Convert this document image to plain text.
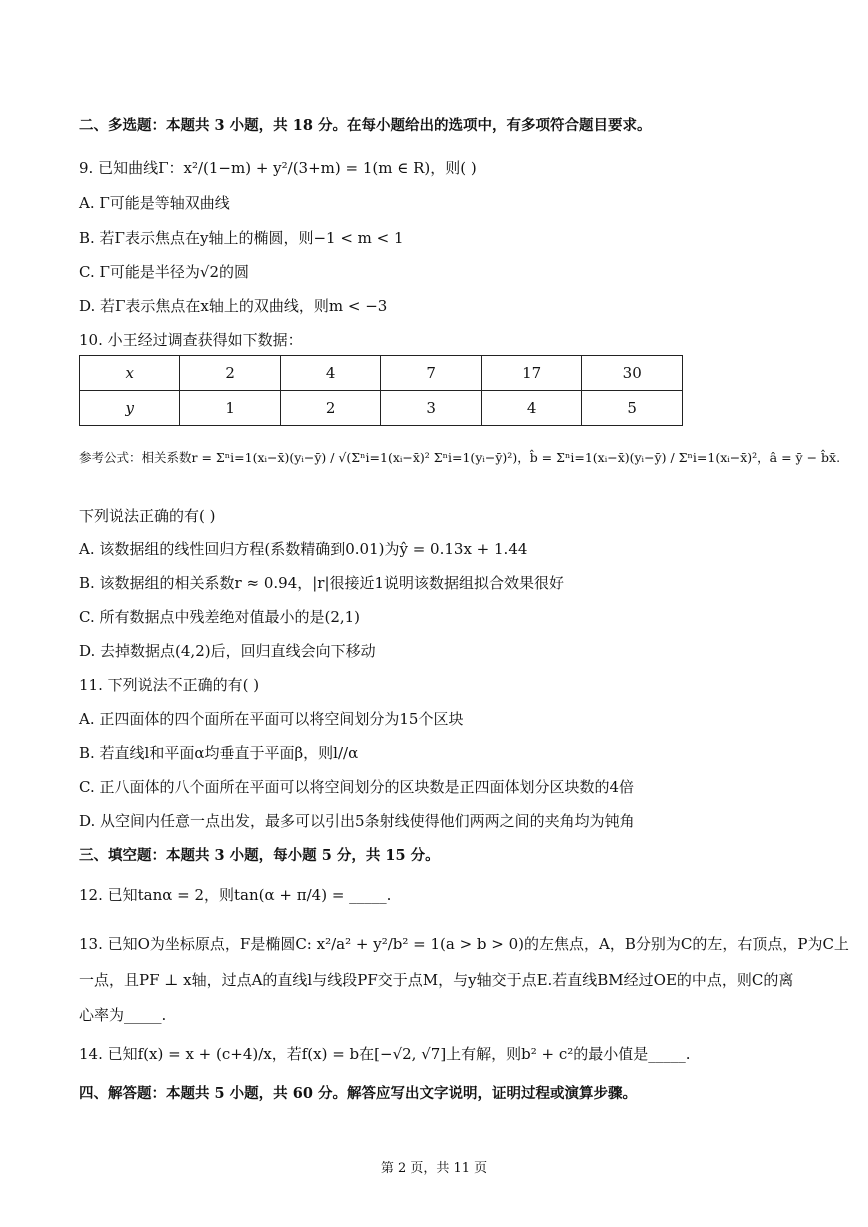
二、多选题：本题共 3 小题，共 18 分。在每小题给出的选项中，有多项符合题目要求。
9. 已知曲线Γ：x²/(1−m) + y²/(3+m) = 1(m ∈ R)，则( )
A. Γ可能是等轴双曲线
B. 若Γ表示焦点在y轴上的椭圆，则−1 < m < 1
C. Γ可能是半径为√2的圆
D. 若Γ表示焦点在x轴上的双曲线，则m < −3
10. 小王经过调查获得如下数据：
x	2	4	7	17	30
y	1	2	3	4	5
参考公式：相关系数r = Σⁿi=1(xᵢ−x̄)(yᵢ−ȳ) / √(Σⁿi=1(xᵢ−x̄)² Σⁿi=1(yᵢ−ȳ)²)，b̂ = Σⁿi=1(xᵢ−x̄)(yᵢ−ȳ) / Σⁿi=1(xᵢ−x̄)²，â = ȳ − b̂x̄.
下列说法正确的有( )
A. 该数据组的线性回归方程(系数精确到0.01)为ŷ = 0.13x + 1.44
B. 该数据组的相关系数r ≈ 0.94，|r|很接近1说明该数据组拟合效果很好
C. 所有数据点中残差绝对值最小的是(2,1)
D. 去掉数据点(4,2)后，回归直线会向下移动
11. 下列说法不正确的有( )
A. 正四面体的四个面所在平面可以将空间划分为15个区块
B. 若直线l和平面α均垂直于平面β，则l//α
C. 正八面体的八个面所在平面可以将空间划分的区块数是正四面体划分区块数的4倍
D. 从空间内任意一点出发，最多可以引出5条射线使得他们两两之间的夹角均为钝角
三、填空题：本题共 3 小题，每小题 5 分，共 15 分。
12. 已知tanα = 2，则tan(α + π/4) = _____.
13. 已知O为坐标原点，F是椭圆C: x²/a² + y²/b² = 1(a > b > 0)的左焦点，A，B分别为C的左，右顶点，P为C上
一点，且PF ⊥ x轴，过点A的直线l与线段PF交于点M，与y轴交于点E.若直线BM经过OE的中点，则C的离
心率为_____.
14. 已知f(x) = x + (c+4)/x，若f(x) = b在[−√2, √7]上有解，则b² + c²的最小值是_____.
四、解答题：本题共 5 小题，共 60 分。解答应写出文字说明，证明过程或演算步骤。
第 2 页，共 11 页
